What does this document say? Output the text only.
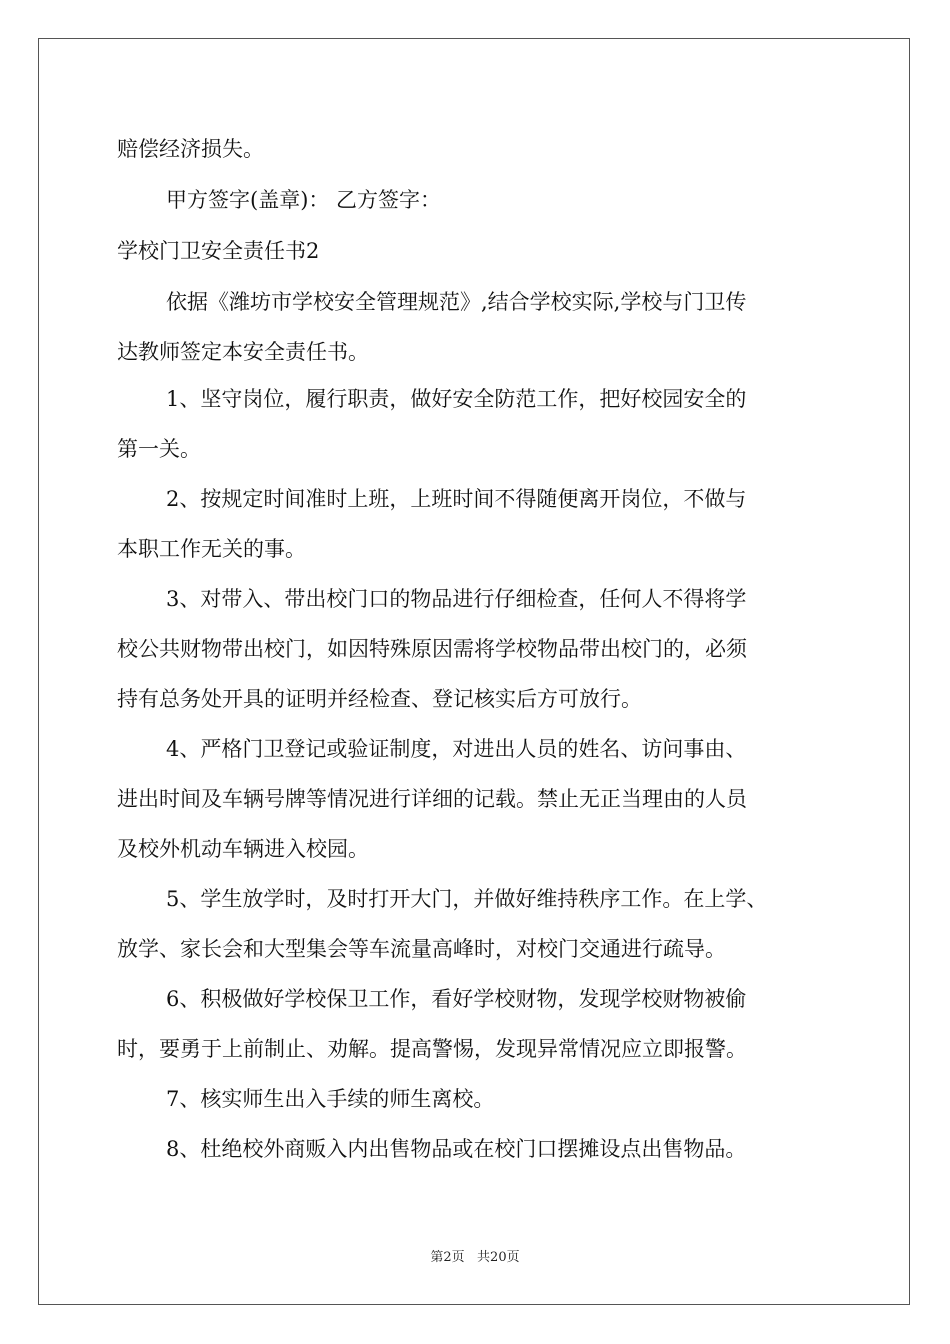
赔偿经济损失。
甲方签字(盖章)： 乙方签字：
学校门卫安全责任书2
依据《潍坊市学校安全管理规范》,结合学校实际,学校与门卫传
达教师签定本安全责任书。
1、坚守岗位，履行职责，做好安全防范工作，把好校园安全的
第一关。
2、按规定时间准时上班，上班时间不得随便离开岗位，不做与
本职工作无关的事。
3、对带入、带出校门口的物品进行仔细检查，任何人不得将学
校公共财物带出校门，如因特殊原因需将学校物品带出校门的，必须
持有总务处开具的证明并经检查、登记核实后方可放行。
4、严格门卫登记或验证制度，对进出人员的姓名、访问事由、
进出时间及车辆号牌等情况进行详细的记载。禁止无正当理由的人员
及校外机动车辆进入校园。
5、学生放学时，及时打开大门，并做好维持秩序工作。在上学、
放学、家长会和大型集会等车流量高峰时，对校门交通进行疏导。
6、积极做好学校保卫工作，看好学校财物，发现学校财物被偷
时，要勇于上前制止、劝解。提高警惕，发现异常情况应立即报警。
7、核实师生出入手续的师生离校。
8、杜绝校外商贩入内出售物品或在校门口摆摊设点出售物品。
第2页   共20页
